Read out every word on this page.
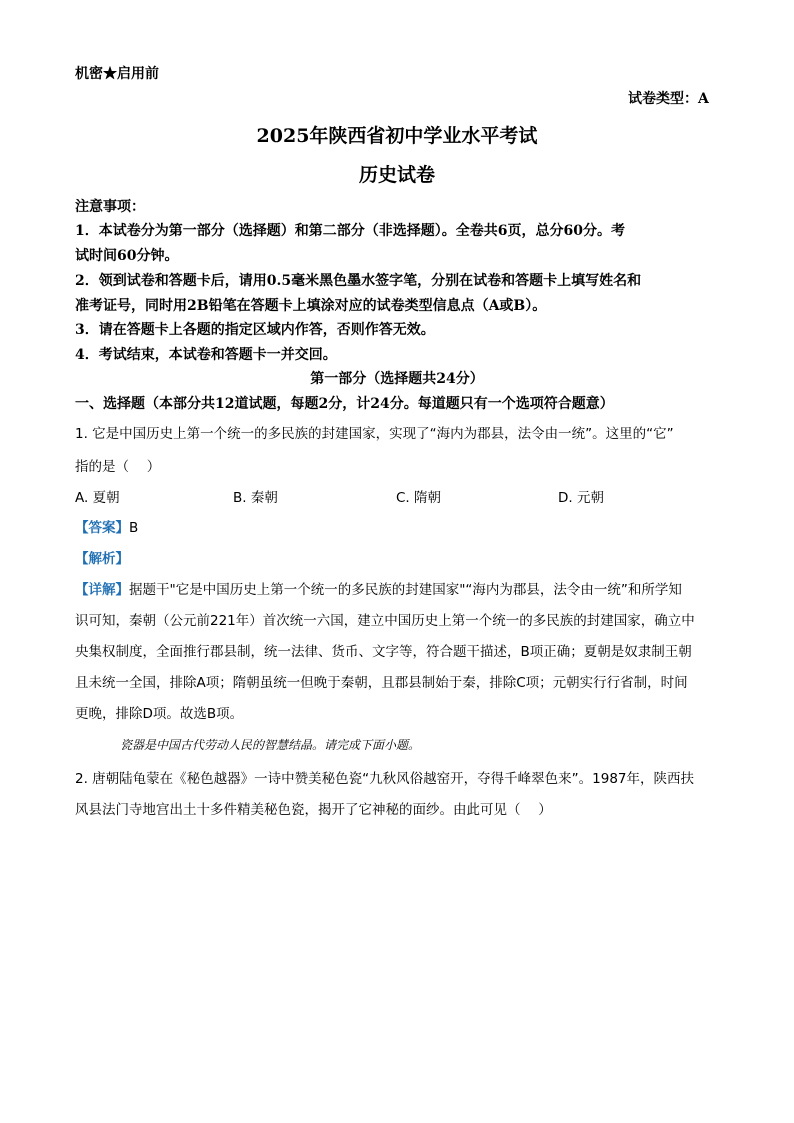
机密★启用前
试卷类型：A
2025年陕西省初中学业水平考试
历史试卷
注意事项：
1．本试卷分为第一部分（选择题）和第二部分（非选择题）。全卷共6页，总分60分。考
试时间60分钟。
2．领到试卷和答题卡后，请用0.5毫米黑色墨水签字笔，分别在试卷和答题卡上填写姓名和
准考证号，同时用2B铅笔在答题卡上填涂对应的试卷类型信息点（A或B）。
3．请在答题卡上各题的指定区域内作答，否则作答无效。
4．考试结束，本试卷和答题卡一并交回。
第一部分（选择题共24分）
一、选择题（本部分共12道试题，每题2分，计24分。每道题只有一个选项符合题意）
1. 它是中国历史上第一个统一的多民族的封建国家，实现了“海内为郡县，法令由一统”。这里的“它”
指的是（　 ）
A. 夏朝	B. 秦朝	C. 隋朝	D. 元朝
【答案】B
【解析】
【详解】据题干"它是中国历史上第一个统一的多民族的封建国家"“海内为郡县，法令由一统”和所学知
识可知，秦朝（公元前221年）首次统一六国，建立中国历史上第一个统一的多民族的封建国家，确立中
央集权制度，全面推行郡县制，统一法律、货币、文字等，符合题干描述，B项正确；夏朝是奴隶制王朝
且未统一全国，排除A项；隋朝虽统一但晚于秦朝，且郡县制始于秦，排除C项；元朝实行行省制，时间
更晚，排除D项。故选B项。
瓷器是中国古代劳动人民的智慧结晶。请完成下面小题。
2. 唐朝陆龟蒙在《秘色越器》一诗中赞美秘色瓷“九秋风俗越窑开，夺得千峰翠色来”。1987年，陕西扶
风县法门寺地宫出土十多件精美秘色瓷，揭开了它神秘的面纱。由此可见（　 ）
